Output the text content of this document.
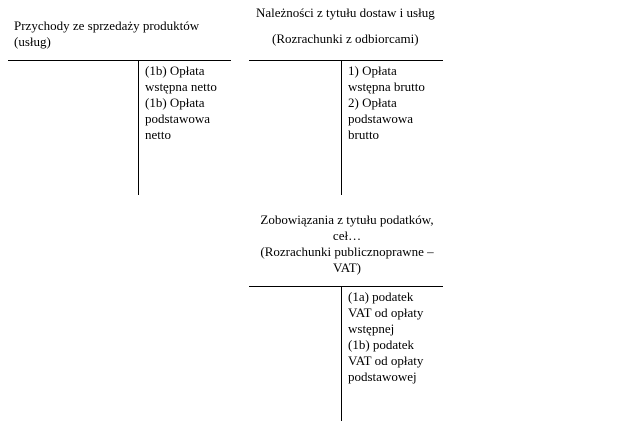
Przychody ze sprzedaży produktów
(usług)
(1b) Opłata
wstępna netto
(1b) Opłata
podstawowa
netto
Należności z tytułu dostaw i usług
(Rozrachunki z odbiorcami)
1) Opłata
wstępna brutto
2) Opłata
podstawowa
brutto
Zobowiązania z tytułu podatków,
ceł…
(Rozrachunki publicznoprawne –
VAT)
(1a) podatek
VAT od opłaty
wstępnej
(1b) podatek
VAT od opłaty
podstawowej
